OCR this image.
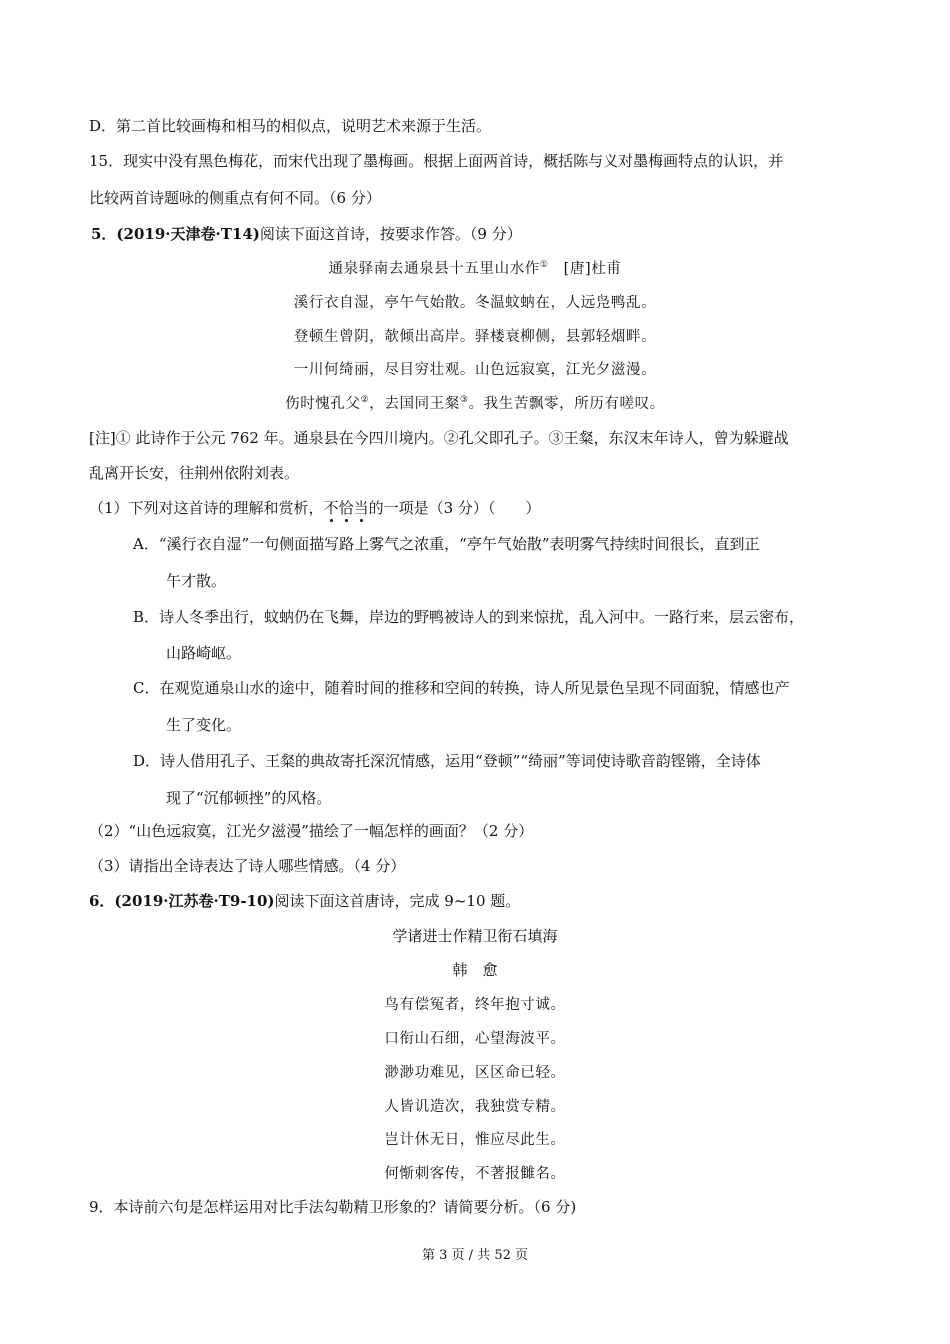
D．第二首比较画梅和相马的相似点，说明艺术来源于生活。
15．现实中没有黑色梅花，而宋代出现了墨梅画。根据上面两首诗，概括陈与义对墨梅画特点的认识，并
比较两首诗题咏的侧重点有何不同。（6 分）
5．(2019·天津卷·T14)阅读下面这首诗，按要求作答。（9 分）
通泉驿南去通泉县十五里山水作①　[唐]杜甫
溪行衣自湿，亭午气始散。冬温蚊蚋在，人远凫鸭乱。
登顿生曾阴，欹倾出高岸。驿楼衰柳侧，县郭轻烟畔。
一川何绮丽，尽目穷壮观。山色远寂寞，江光夕滋漫。
伤时愧孔父②，去国同王粲③。我生苦飘零，所历有嗟叹。
[注]① 此诗作于公元 762 年。通泉县在今四川境内。②孔父即孔子。③王粲，东汉末年诗人，曾为躲避战
乱离开长安，往荆州依附刘表。
（1）下列对这首诗的理解和赏析，不恰当的一项是（3 分）（　　）
A．“溪行衣自湿”一句侧面描写路上雾气之浓重，“亭午气始散”表明雾气持续时间很长，直到正
午才散。
B．诗人冬季出行，蚊蚋仍在飞舞，岸边的野鸭被诗人的到来惊扰，乱入河中。一路行来，层云密布，
山路崎岖。
C．在观览通泉山水的途中，随着时间的推移和空间的转换，诗人所见景色呈现不同面貌，情感也产
生了变化。
D．诗人借用孔子、王粲的典故寄托深沉情感，运用“登顿”“绮丽”等词使诗歌音韵铿锵，全诗体
现了“沉郁顿挫”的风格。
（2）“山色远寂寞，江光夕滋漫”描绘了一幅怎样的画面？（2 分）
（3）请指出全诗表达了诗人哪些情感。（4 分）
6．(2019·江苏卷·T9-10)阅读下面这首唐诗，完成 9~10 题。
学诸进士作精卫衔石填海
韩　愈
鸟有偿冤者，终年抱寸诚。
口衔山石细，心望海波平。
渺渺功难见，区区命已轻。
人皆讥造次，我独赏专精。
岂计休无日，惟应尽此生。
何惭刺客传，不著报雠名。
9．本诗前六句是怎样运用对比手法勾勒精卫形象的？请简要分析。（6 分)
第 3 页 / 共 52 页
